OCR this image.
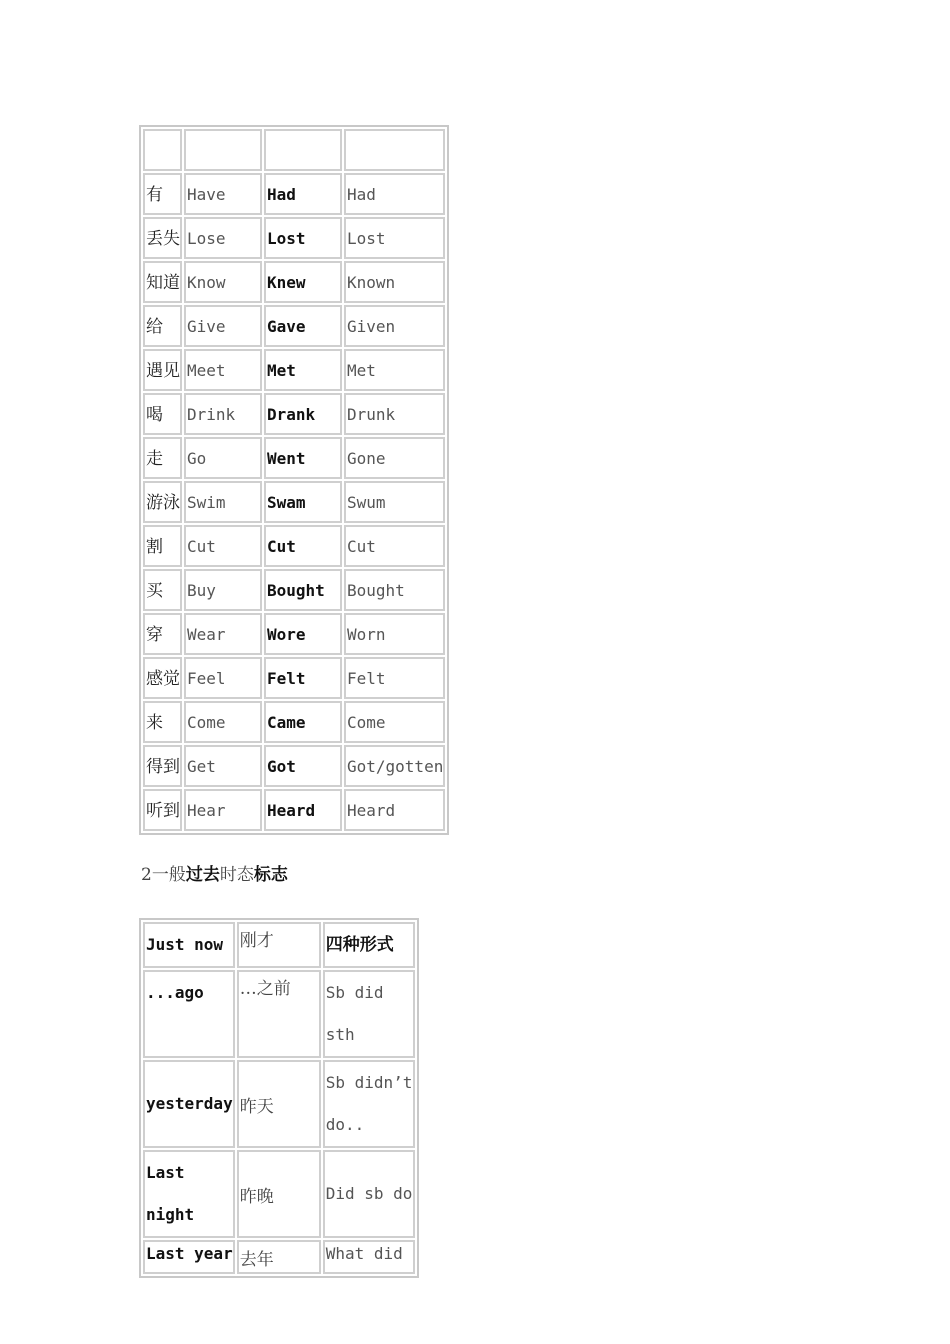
有	Have	Had	Had
丢失	Lose	Lost	Lost
知道	Know	Knew	Known
给	Give	Gave	Given
遇见	Meet	Met	Met
喝	Drink	Drank	Drunk
走	Go	Went	Gone
游泳	Swim	Swam	Swum
割	Cut	Cut	Cut
买	Buy	Bought	Bought
穿	Wear	Wore	Worn
感觉	Feel	Felt	Felt
来	Come	Came	Come
得到	Get	Got	Got/gotten
听到	Hear	Heard	Heard
2一般过去时态标志
Just now	刚才	四种形式
...ago	…之前	Sb did sth
yesterday	昨天	Sb didn’t do..
Last night	昨晚	Did sb do
Last year	去年	What did
